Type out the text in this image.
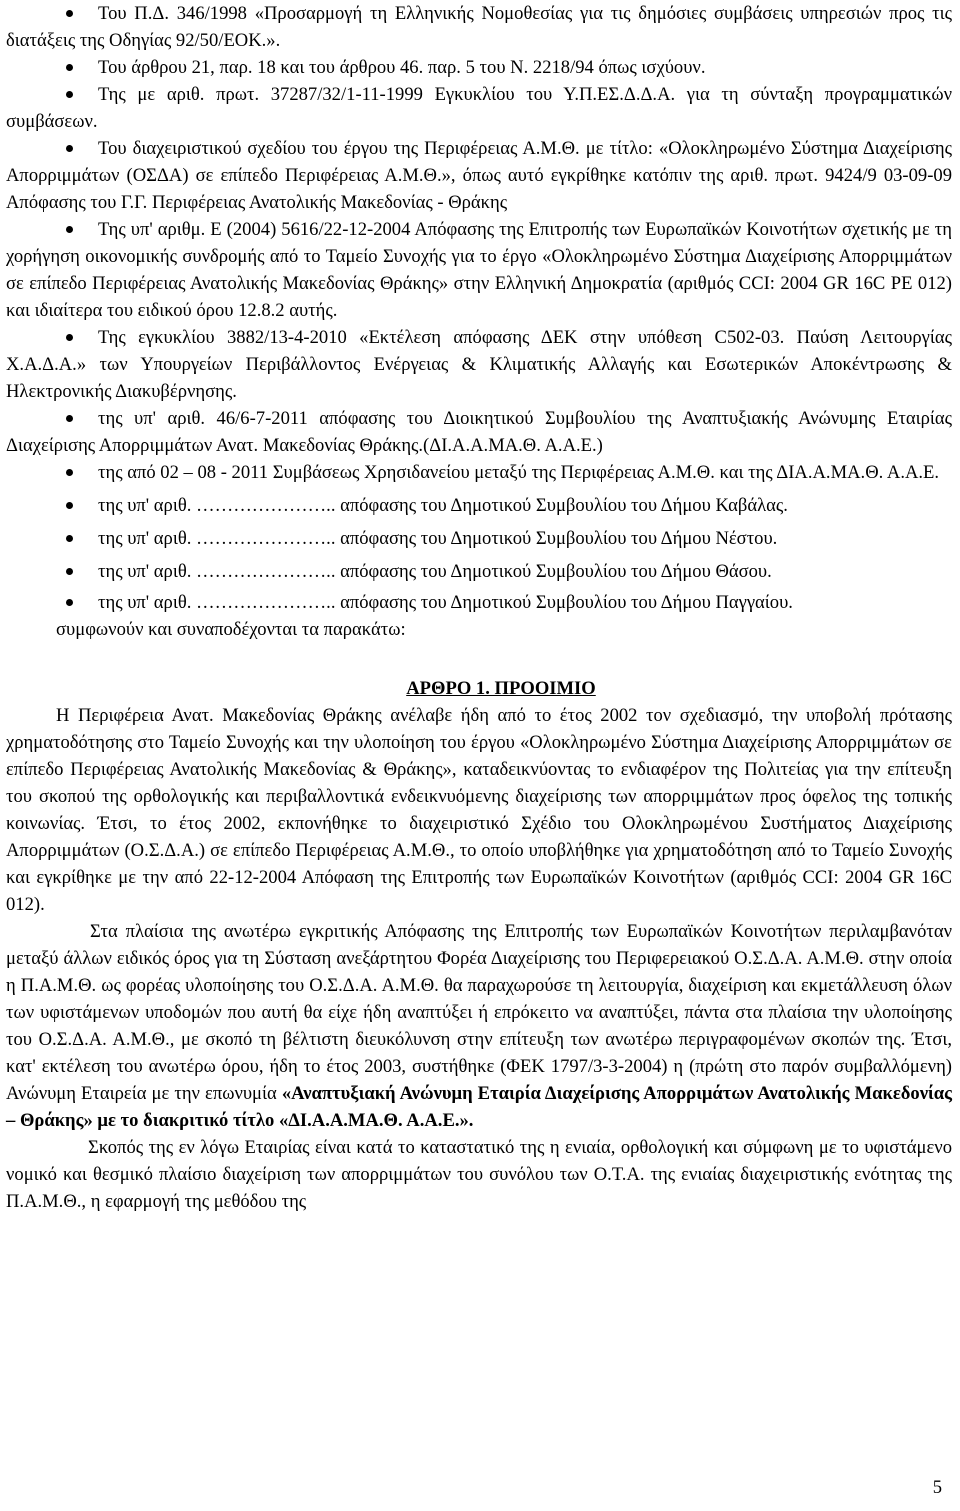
Του Π.Δ. 346/1998 «Προσαρμογή τη Ελληνικής Νομοθεσίας για τις δημόσιες συμβάσεις υπηρεσιών προς τις διατάξεις της Οδηγίας 92/50/ΕΟΚ.».
Του άρθρου 21, παρ. 18 και του άρθρου 46. παρ. 5 του Ν. 2218/94 όπως ισχύουν.
Της με αριθ. πρωτ. 37287/32/1-11-1999 Εγκυκλίου του Υ.Π.ΕΣ.Δ.Δ.Α. για τη σύνταξη προγραμματικών συμβάσεων.
Του διαχειριστικού σχεδίου του έργου της Περιφέρειας Α.Μ.Θ. με τίτλο: «Ολοκληρωμένο Σύστημα Διαχείρισης Απορριμμάτων (ΟΣΔΑ) σε επίπεδο Περιφέρειας Α.Μ.Θ.», όπως αυτό εγκρίθηκε κατόπιν της αριθ. πρωτ. 9424/9 03-09-09 Απόφασης του Γ.Γ. Περιφέρειας Ανατολικής Μακεδονίας - Θράκης
Της υπ' αριθμ. Ε (2004) 5616/22-12-2004 Απόφασης της Επιτροπής των Ευρωπαϊκών Κοινοτήτων σχετικής με τη χορήγηση οικονομικής συνδρομής από το Ταμείο Συνοχής για το έργο «Ολοκληρωμένο Σύστημα Διαχείρισης Απορριμμάτων σε επίπεδο Περιφέρειας Ανατολικής Μακεδονίας Θράκης» στην Ελληνική Δημοκρατία (αριθμός CCI: 2004 GR 16C PE 012) και ιδιαίτερα του ειδικού όρου 12.8.2 αυτής.
Της εγκυκλίου 3882/13-4-2010 «Εκτέλεση απόφασης ΔΕΚ στην υπόθεση C502-03. Παύση Λειτουργίας Χ.Α.Δ.Α.» των Υπουργείων Περιβάλλοντος Ενέργειας & Κλιματικής Αλλαγής και Εσωτερικών Αποκέντρωσης & Ηλεκτρονικής Διακυβέρνησης.
της υπ' αριθ. 46/6-7-2011 απόφασης του Διοικητικού Συμβουλίου της Αναπτυξιακής Ανώνυμης Εταιρίας Διαχείρισης Απορριμμάτων Ανατ. Μακεδονίας Θράκης.(ΔΙ.Α.Α.ΜΑ.Θ. Α.Α.Ε.)
της από 02 – 08 - 2011 Συμβάσεως Χρησιδανείου μεταξύ της Περιφέρειας Α.Μ.Θ. και της ΔΙΑ.Α.ΜΑ.Θ. Α.Α.Ε.
της υπ' αριθ. ………………….. απόφασης του Δημοτικού Συμβουλίου του Δήμου Καβάλας.
της υπ' αριθ. ………………….. απόφασης του Δημοτικού Συμβουλίου του Δήμου Νέστου.
της υπ' αριθ. ………………….. απόφασης του Δημοτικού Συμβουλίου του Δήμου Θάσου.
της υπ' αριθ. ………………….. απόφασης του Δημοτικού Συμβουλίου του Δήμου Παγγαίου.
συμφωνούν και συναποδέχονται τα παρακάτω:
ΑΡΘΡΟ 1. ΠΡΟΟΙΜΙΟ

Η Περιφέρεια Ανατ. Μακεδονίας Θράκης ανέλαβε ήδη από το έτος 2002 τον σχεδιασμό, την υποβολή πρότασης χρηματοδότησης στο Ταμείο Συνοχής και την υλοποίηση του έργου «Ολοκληρωμένο Σύστημα Διαχείρισης Απορριμμάτων σε επίπεδο Περιφέρειας Ανατολικής Μακεδονίας & Θράκης», καταδεικνύοντας το ενδιαφέρον της Πολιτείας για την επίτευξη του σκοπού της ορθολογικής και περιβαλλοντικά ενδεικνυόμενης διαχείρισης των απορριμμάτων προς όφελος της τοπικής κοινωνίας. Έτσι, το έτος 2002, εκπονήθηκε το διαχειριστικό Σχέδιο του Ολοκληρωμένου Συστήματος Διαχείρισης Απορριμμάτων (Ο.Σ.Δ.Α.) σε επίπεδο Περιφέρειας Α.Μ.Θ., το οποίο υποβλήθηκε για χρηματοδότηση από το Ταμείο Συνοχής και εγκρίθηκε με την από 22-12-2004 Απόφαση της Επιτροπής των Ευρωπαϊκών Κοινοτήτων (αριθμός CCI: 2004 GR 16C 012).

Στα πλαίσια της ανωτέρω εγκριτικής Απόφασης της Επιτροπής των Ευρωπαϊκών Κοινοτήτων περιλαμβανόταν μεταξύ άλλων ειδικός όρος για τη Σύσταση ανεξάρτητου Φορέα Διαχείρισης του Περιφερειακού Ο.Σ.Δ.Α. Α.Μ.Θ. στην οποία η Π.Α.Μ.Θ. ως φορέας υλοποίησης του Ο.Σ.Δ.Α. Α.Μ.Θ. θα παραχωρούσε τη λειτουργία, διαχείριση και εκμετάλλευση όλων των υφιστάμενων υποδομών που αυτή θα είχε ήδη αναπτύξει ή επρόκειτο να αναπτύξει, πάντα στα πλαίσια την υλοποίησης του Ο.Σ.Δ.Α. Α.Μ.Θ., με σκοπό τη βέλτιστη διευκόλυνση στην επίτευξη των ανωτέρω περιγραφομένων σκοπών της. Έτσι, κατ' εκτέλεση του ανωτέρω όρου, ήδη το έτος 2003, συστήθηκε (ΦΕΚ 1797/3-3-2004) η (πρώτη στο παρόν συμβαλλόμενη) Ανώνυμη Εταιρεία με την επωνυμία «Αναπτυξιακή Ανώνυμη Εταιρία Διαχείρισης Απορριμάτων Ανατολικής Μακεδονίας – Θράκης» με το διακριτικό τίτλο «ΔΙ.Α.Α.ΜΑ.Θ. Α.Α.Ε.».

Σκοπός της εν λόγω Εταιρίας είναι κατά το καταστατικό της η ενιαία, ορθολογική και σύμφωνη με το υφιστάμενο νομικό και θεσμικό πλαίσιο διαχείριση των απορριμμάτων του συνόλου των Ο.Τ.Α. της ενιαίας διαχειριστικής ενότητας της Π.Α.Μ.Θ., η εφαρμογή της μεθόδου της

5
